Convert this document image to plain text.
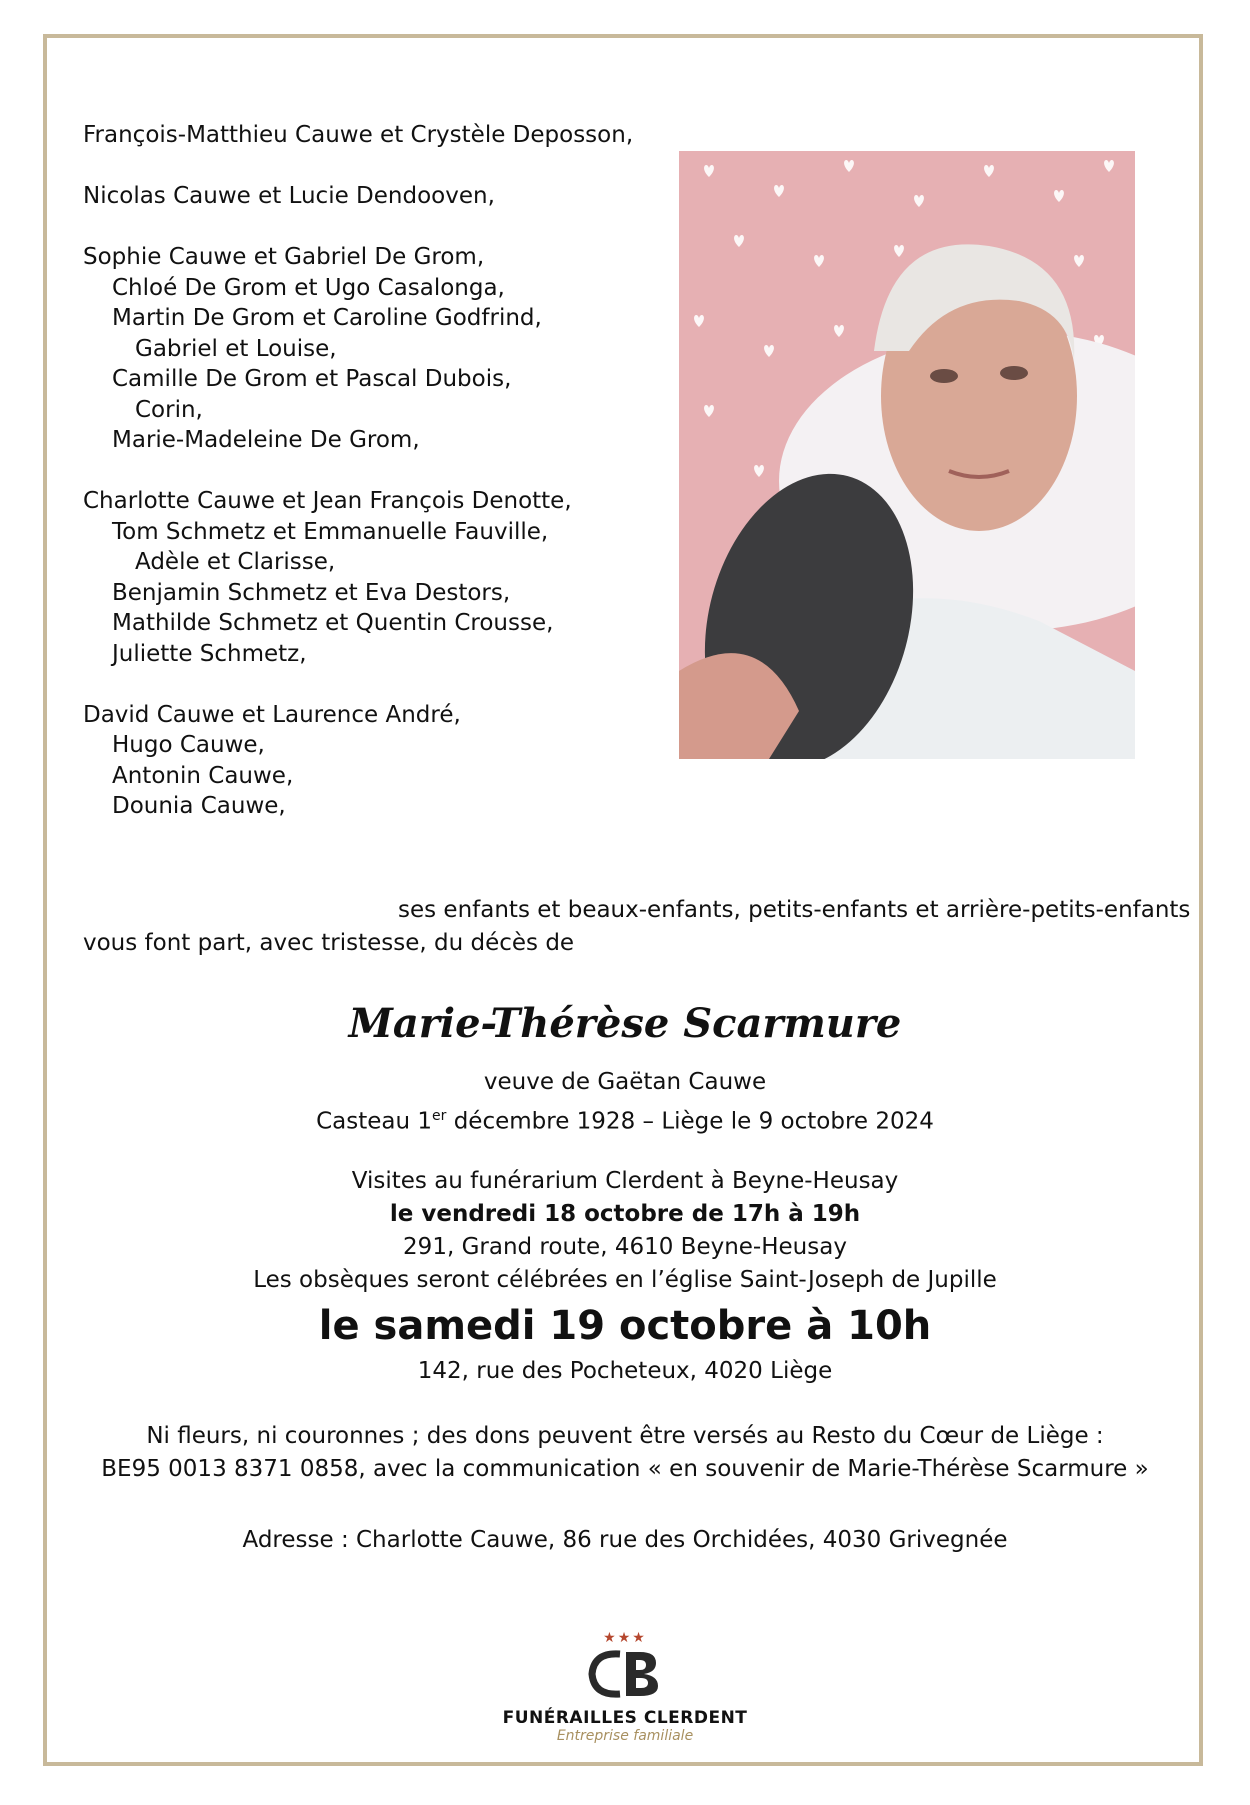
François-Matthieu Cauwe et Crystèle Deposson,
Nicolas Cauwe et Lucie Dendooven,
Sophie Cauwe et Gabriel De Grom,
Chloé De Grom et Ugo Casalonga,
Martin De Grom et Caroline Godfrind,
Gabriel et Louise,
Camille De Grom et Pascal Dubois,
Corin,
Marie-Madeleine De Grom,
Charlotte Cauwe et Jean François Denotte,
Tom Schmetz et Emmanuelle Fauville,
Adèle et Clarisse,
Benjamin Schmetz et Eva Destors,
Mathilde Schmetz et Quentin Crousse,
Juliette Schmetz,
David Cauwe et Laurence André,
Hugo Cauwe,
Antonin Cauwe,
Dounia Cauwe,
ses enfants et beaux-enfants, petits-enfants et arrière-petits-enfants
vous font part, avec tristesse, du décès de
Marie-Thérèse Scarmure
veuve de Gaëtan Cauwe
Casteau 1er décembre 1928 – Liège le 9 octobre 2024
Visites au funérarium Clerdent à Beyne-Heusay
le vendredi 18 octobre de 17h à 19h
291, Grand route, 4610 Beyne-Heusay
Les obsèques seront célébrées en l’église Saint-Joseph de Jupille
le samedi 19 octobre à 10h
142, rue des Pocheteux, 4020 Liège
Ni fleurs, ni couronnes ; des dons peuvent être versés au Resto du Cœur de Liège :
BE95 0013 8371 0858, avec la communication « en souvenir de Marie-Thérèse Scarmure »
Adresse : Charlotte Cauwe, 86 rue des Orchidées, 4030 Grivegnée
★★★
FUNÉRAILLES CLERDENT
Entreprise familiale
